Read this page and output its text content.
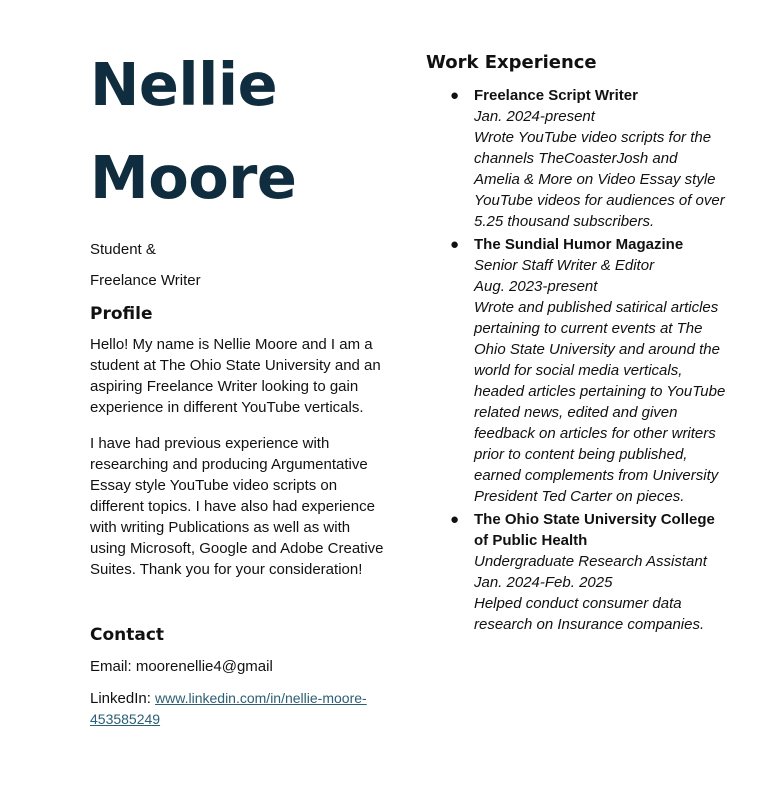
Nellie
Moore
Student &
Freelance Writer
Profile

Hello! My name is Nellie Moore and I am a student at The Ohio State University and an aspiring Freelance Writer looking to gain experience in different YouTube verticals.

I have had previous experience with researching and producing Argumentative Essay style YouTube video scripts on different topics. I have also had experience with writing Publications as well as with using Microsoft, Google and Adobe Creative Suites. Thank you for your consideration!

Contact
Email: moorenellie4@gmail
LinkedIn: www.linkedin.com/in/nellie-moore-453585249
Work Experience
● Freelance Script Writer
Jan. 2024-present
Wrote YouTube video scripts for the channels TheCoasterJosh and Amelia & More on Video Essay style YouTube videos for audiences of over 5.25 thousand subscribers.
● The Sundial Humor Magazine
Senior Staff Writer & Editor
Aug. 2023-present
Wrote and published satirical articles pertaining to current events at The Ohio State University and around the world for social media verticals, headed articles pertaining to YouTube related news, edited and given feedback on articles for other writers prior to content being published, earned complements from University President Ted Carter on pieces.
● The Ohio State University College of Public Health
Undergraduate Research Assistant
Jan. 2024-Feb. 2025
Helped conduct consumer data research on Insurance companies.
